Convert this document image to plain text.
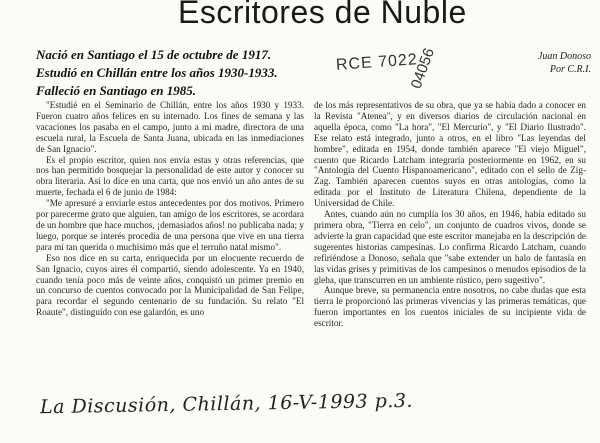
Escritores de Nuble
Nació en Santiago el 15 de octubre de 1917.
Estudió en Chillán entre los años 1930-1933.
Falleció en Santiago en 1985.
RCE 7022
04056	Juan Donoso
Por C.R.I.

"Estudié en el Seminario de Chillán, entre los años 1930 y 1933. Fueron cuatro años felices en su internado. Los fines de semana y las vacaciones los pasaba en el campo, junto a mi madre, directora de una escuela rural, la Escuela de Santa Juana, ubicada en las inmediaciones de San Ignacio".

Es el propio escritor, quien nos envía estas y otras referencias, que nos han permitido bosquejar la personalidad de este autor y conocer su obra literaria. Así lo dice en una carta, que nos envió un año antes de su muerte, fechada el 6 de junio de 1984:

"Me apresuré a enviarle estos antecedentes por dos motivos. Primero por parecerme grato que alguien, tan amigo de los escritores, se acordara de un hombre que hace muchos, ¡demasiados años! no publicaba nada; y luego, porque se interés procedía de una persona que vive en una tierra para mí tan querida o muchísimo más que el terruño natal mismo".

Eso nos dice en su carta, enriquecida por un elocuente recuerdo de San Ignacio, cuyos aires él compartió, siendo adolescente. Ya en 1940, cuando tenía poco más de veinte años, conquistó un primer premio en un concurso de cuentos convocado por la Municipalidad de San Felipe, para recordar el segundo centenario de su fundación. Su relato "El Roaute", distinguido con ese galardón, es uno

de los más representativos de su obra, que ya se había dado a conocer en la Revista "Atenea", y en diversos diarios de circulación nacional en aquella época, como "La hora", "El Mercurio", y "El Diario Ilustrado". Ese relato está integrado, junto a otros, en el libro "Las leyendas del hombre", editada en 1954, donde también aparece "El viejo Miguel", cuento que Ricardo Latcham integraría posteriormente en 1962, en su "Antología del Cuento Hispanoamericano", editado con el sello de Zig-Zag. También aparecen cuentos suyos en otras antologías, como la editada por el Instituto de Literatura Chilena, dependiente de la Universidad de Chile.

Antes, cuando aún no cumplía los 30 años, en 1946, había editado su primera obra, "Tierra en celo", un conjunto de cuadros vivos, donde se advierte la gran capacidad que este escritor manejaba en la descripción de sugerentes historias campesinas. Lo confirma Ricardo Latcham, cuando refiriéndose a Donoso, señala que "sabe extender un halo de fantasía en las vidas grises y primitivas de los campesinos o menudos episodios de la gleba, que transcurren en un ambiente rústico, pero sugestivo".

Aunque breve, su permanencia entre nosotros, no cabe dudas que esta tierra le proporcionó las primeras vivencias y las primeras temáticas, que fueron importantes en los cuentos iniciales de su incipiente vida de escritor.

La Discusión, Chillán, 16-V-1993 p.3.
